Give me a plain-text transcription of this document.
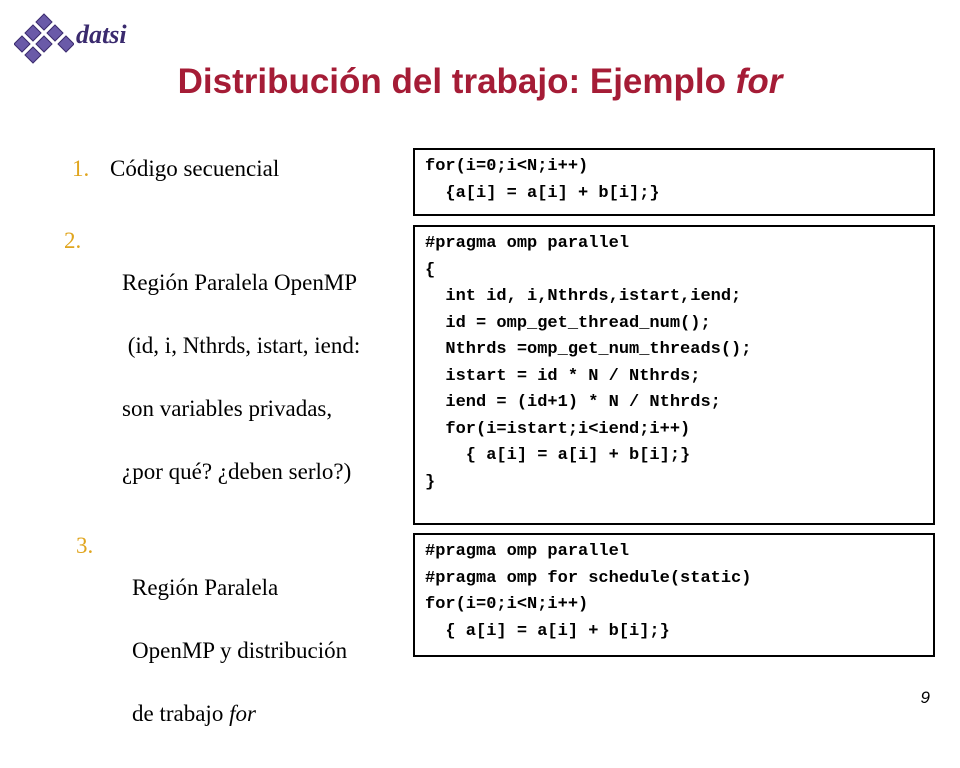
datsi
Distribución del trabajo: Ejemplo for
1. Código secuencial
2.

Región Paralela OpenMP

(id, i, Nthrds, istart, iend:

son variables privadas,

¿por qué? ¿deben serlo?)

3.

Región Paralela

OpenMP y distribución

de trabajo for

for(i=0;i<N;i++)
{a[i] = a[i] + b[i];}
#pragma omp parallel
{
int id, i,Nthrds,istart,iend;
id = omp_get_thread_num();
Nthrds =omp_get_num_threads();
istart = id * N / Nthrds;
iend = (id+1) * N / Nthrds;
for(i=istart;i<iend;i++)
{ a[i] = a[i] + b[i];}
}
#pragma omp parallel
#pragma omp for schedule(static)
for(i=0;i<N;i++)
{ a[i] = a[i] + b[i];}
9
